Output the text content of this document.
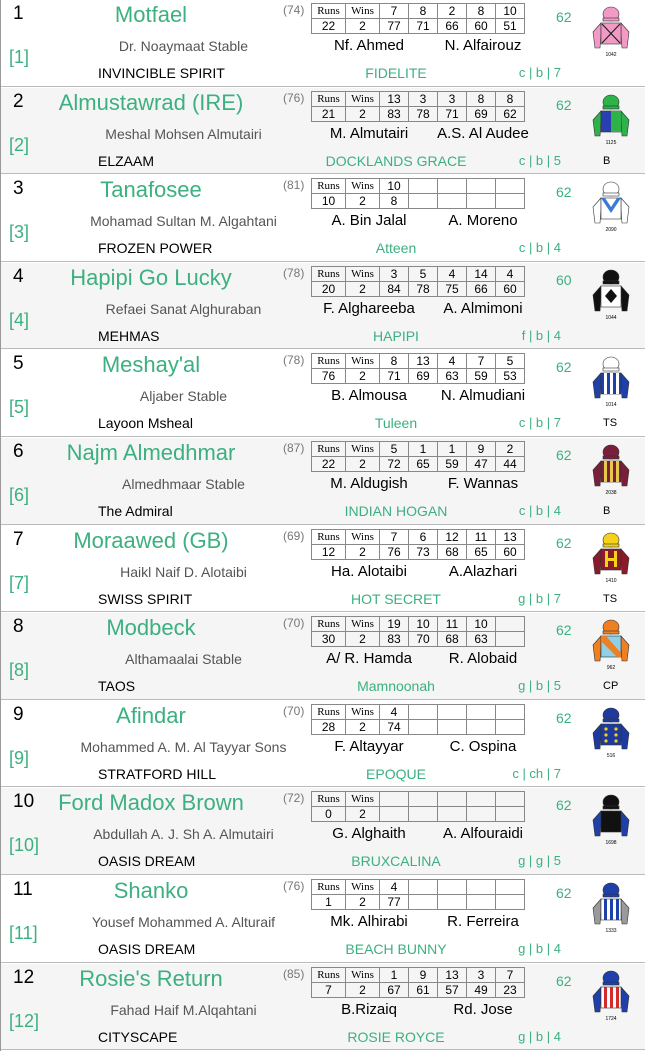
1
[1]
Motfael	(74) Runs	Wins	7	8	2	8	10
22	2	77	71	66	60	51
62
Dr. Noaymaat Stable	Nf. Ahmed	N. Alfairouz
INVINCIBLE SPIRIT	FIDELITE	c | b | 7
1042
2
[2]
Almustawrad (IRE)	(76) Runs	Wins	13	3	3	8	8
21	2	83	78	71	69	62
62
Meshal Mohsen Almutairi	M. Almutairi	A.S. Al Audee
ELZAAM	DOCKLANDS GRACE	c | b | 5
1125
B
3
[3]
Tanafosee	(81) Runs	Wins	10				
10	2	8				
62
Mohamad Sultan M. Algahtani	A. Bin Jalal	A. Moreno
FROZEN POWER	Atteen	c | b | 4
2090
4
[4]
Hapipi Go Lucky	(78) Runs	Wins	3	5	4	14	4
20	2	84	78	75	66	60
60
Refaei Sanat Alghuraban	F. Alghareeba	A. Almimoni
MEHMAS	HAPIPI	f | b | 4
1044
5
[5]
Meshay'al	(78) Runs	Wins	8	13	4	7	5
76	2	71	69	63	59	53
62
Aljaber Stable	B. Almousa	N. Almudiani
Layoon Msheal	Tuleen	c | b | 7
1014
TS
6
[6]
Najm Almedhmar	(87) Runs	Wins	5	1	1	9	2
22	2	72	65	59	47	44
62
Almedhmaar Stable	M. Aldugish	F. Wannas
The Admiral	INDIAN HOGAN	c | b | 4
2038
B
7
[7]
Moraawed (GB)	(69) Runs	Wins	7	6	12	11	13
12	2	76	73	68	65	60
62
Haikl Naif D. Alotaibi	Ha. Alotaibi	A.Alazhari
SWISS SPIRIT	HOT SECRET	g | b | 7
1410
TS
8
[8]
Modbeck	(70) Runs	Wins	19	10	11	10	
30	2	83	70	68	63	
62
Althamaalai Stable	A/ R. Hamda	R. Alobaid
TAOS	Mamnoonah	g | b | 5
962
CP
9
[9]
Afindar	(70) Runs	Wins	4				
28	2	74				
62
Mohammed A. M. Al Tayyar Sons	F. Altayyar	C. Ospina
STRATFORD HILL	EPOQUE	c | ch | 7
516
10
[10]
Ford Madox Brown	(72) Runs	Wins					
0	2					
62
Abdullah A. J. Sh A. Almutairi	G. Alghaith	A. Alfouraidi
OASIS DREAM	BRUXCALINA	g | g | 5
1698
11
[11]
Shanko	(76) Runs	Wins	4				
1	2	77				
62
Yousef Mohammed A. Alturaif	Mk. Alhirabi	R. Ferreira
OASIS DREAM	BEACH BUNNY	g | b | 4
1333
12
[12]
Rosie's Return	(85) Runs	Wins	1	9	13	3	7
7	2	67	61	57	49	23
62
Fahad Haif M.Alqahtani	B.Rizaiq	Rd. Jose
CITYSCAPE	ROSIE ROYCE	g | b | 4
1724
